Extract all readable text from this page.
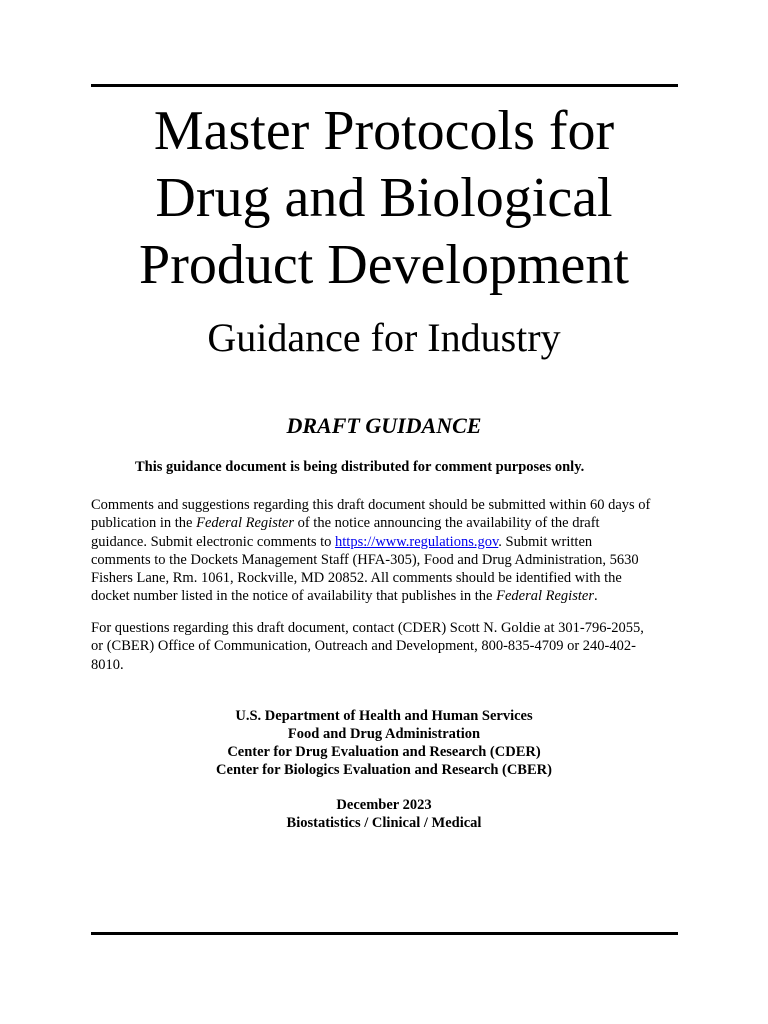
Master Protocols for
Drug and Biological
Product Development
Guidance for Industry
DRAFT GUIDANCE
This guidance document is being distributed for comment purposes only.
Comments and suggestions regarding this draft document should be submitted within 60 days of
publication in the Federal Register of the notice announcing the availability of the draft
guidance. Submit electronic comments to https://www.regulations.gov. Submit written
comments to the Dockets Management Staff (HFA-305), Food and Drug Administration, 5630
Fishers Lane, Rm. 1061, Rockville, MD 20852. All comments should be identified with the
docket number listed in the notice of availability that publishes in the Federal Register.
For questions regarding this draft document, contact (CDER) Scott N. Goldie at 301-796-2055,
or (CBER) Office of Communication, Outreach and Development, 800-835-4709 or 240-402-
8010.
U.S. Department of Health and Human Services
Food and Drug Administration
Center for Drug Evaluation and Research (CDER)
Center for Biologics Evaluation and Research (CBER)
December 2023
Biostatistics / Clinical / Medical
